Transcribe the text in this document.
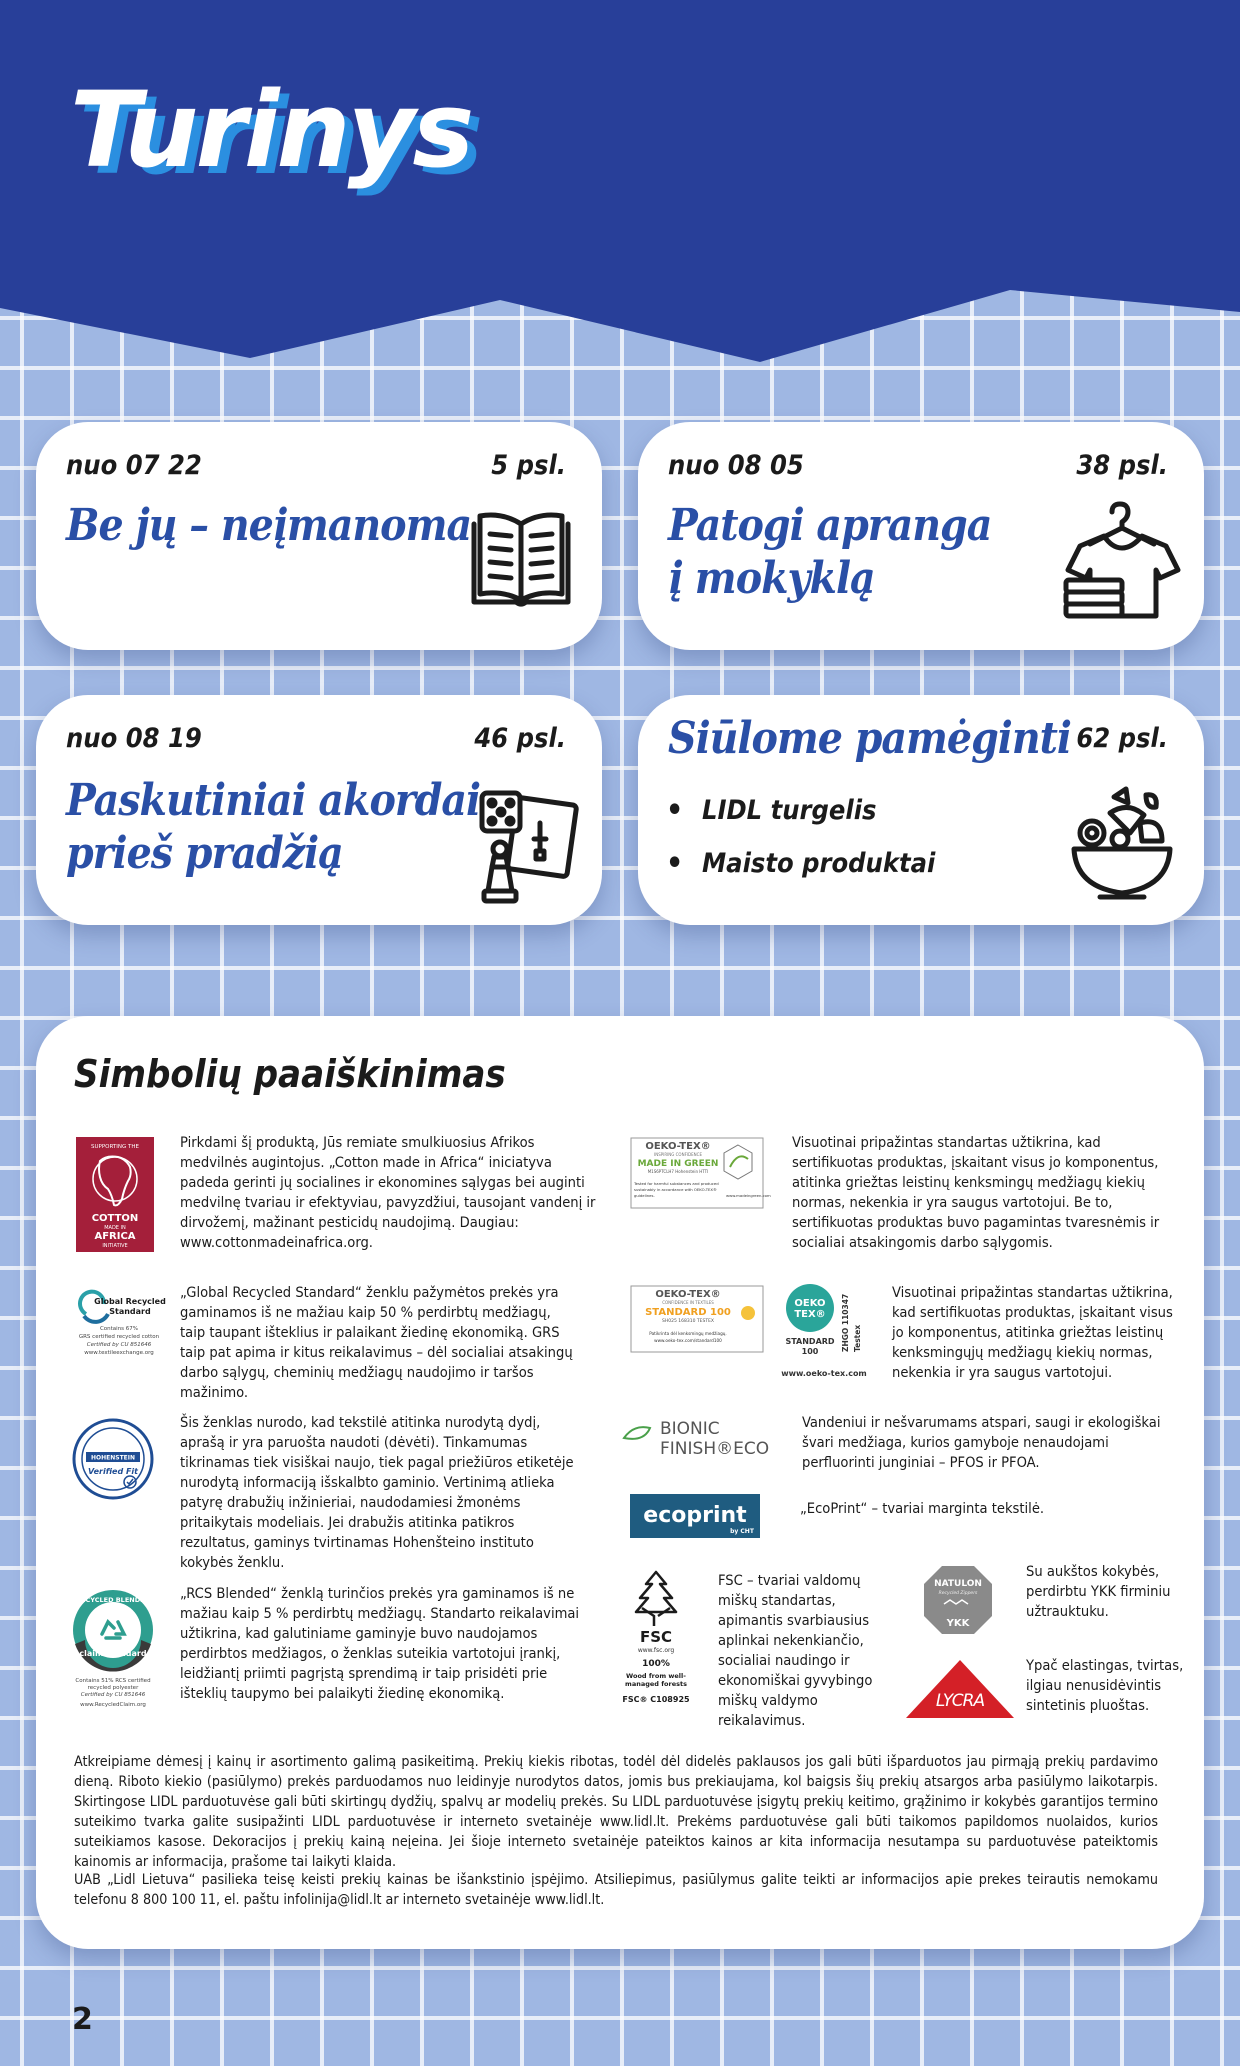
Turinys
nuo 07 22	5 psl.
Be jų – neįmanoma
nuo 08 05	38 psl.
Patogi apranga
į mokyklą
nuo 08 19	46 psl.
Paskutiniai akordai
prieš pradžią
Siūlome pamėginti 62 psl.
• LIDL turgelis
• Maisto produktai
Simbolių paaiškinimas
SUPPORTING THE
COTTON
MADE IN
AFRICA
INITIATIVE

Pirkdami šį produktą, Jūs remiate smulkiuosius Afrikos medvilnės augintojus. „Cotton made in Africa“ iniciatyva padeda gerinti jų socialines ir ekonomines sąlygas bei auginti medvilnę tvariau ir efektyviau, pavyzdžiui, tausojant vandenį ir dirvožemį, mažinant pesticidų naudojimą. Daugiau: www.cottonmadeinafrica.org.

Global Recycled
Standard
Contains 67%
GRS certified recycled cotton
Certified by CU 851646
www.textileexchange.org

„Global Recycled Standard“ ženklu pažymėtos prekės yra gaminamos iš ne mažiau kaip 50 % perdirbtų medžiagų, taip taupant išteklius ir palaikant žiedinę ekonomiką. GRS taip pat apima ir kitus reikalavimus – dėl socialiai atsakingų darbo sąlygų, cheminių medžiagų naudojimo ir taršos mažinimo.

HOHENSTEIN
Verified Fit

Šis ženklas nurodo, kad tekstilė atitinka nurodytą dydį, aprašą ir yra paruošta naudoti (dėvėti). Tinkamumas tikrinamas tiek visiškai naujo, tiek pagal priežiūros etiketėje nurodytą informaciją išskalbto gaminio. Vertinimą atlieka patyrę drabužių inžinieriai, naudodamiesi žmonėms pritaikytais modeliais. Jei drabužis atitinka patikros rezultatus, gaminys tvirtinamas Hohenšteino instituto kokybės ženklu.

RECYCLED BLENDED
claim standard
Contains 51% RCS certified
recycled polyester
Certified by CU 851646
www.RecycledClaim.org

„RCS Blended“ ženklą turinčios prekės yra gaminamos iš ne mažiau kaip 5 % perdirbtų medžiagų. Standarto reikalavimai užtikrina, kad galutiniame gaminyje buvo naudojamos perdirbtos medžiagos, o ženklas suteikia vartotojui įrankį, leidžiantį priimti pagrįstą sprendimą ir taip prisidėti prie išteklių taupymo bei palaikyti žiedinę ekonomiką.

OEKO-TEX®
INSPIRING CONFIDENCE
MADE IN GREEN
M1S6PTCLH7 Hohenstein HTTI
Tested for harmful substances and produced
sustainably in accordance with OEKO-TEX®
guidelines.	www.madeingreen.com

Visuotinai pripažintas standartas užtikrina, kad sertifikuotas produktas, įskaitant visus jo komponentus, atitinka griežtas leistinų kenksmingų medžiagų kiekių normas, nekenkia ir yra saugus vartotojui. Be to, sertifikuotas produktas buvo pagamintas tvaresnėmis ir socialiai atsakingomis darbo sąlygomis.

OEKO-TEX®
CONFIDENCE IN TEXTILES
STANDARD 100
SH025 168310 TESTEX
Patikrinta dėl kenksmingų medžiagų.
www.oeko-tex.com/standard100
OEKO
TEX®
STANDARD
100	ZHGO 110347 Testex
www.oeko-tex.com

Visuotinai pripažintas standartas užtikrina, kad sertifikuotas produktas, įskaitant visus jo komponentus, atitinka griežtas leistinų kenksmingųjų medžiagų kiekių normas, nekenkia ir yra saugus vartotojui.

BIONIC
FINISH®ECO

Vandeniui ir nešvarumams atspari, saugi ir ekologiškai švari medžiaga, kurios gamyboje nenaudojami perfluorinti junginiai – PFOS ir PFOA.

ecoprint
by CHT

„EcoPrint“ – tvariai marginta tekstilė.

FSC
www.fsc.org
100%
Wood from well-
managed forests
FSC® C108925

FSC – tvariai valdomų miškų standartas, apimantis svarbiausius aplinkai nekenkiančio, socialiai naudingo ir ekonomiškai gyvybingo miškų valdymo reikalavimus.

NATULON
Recycled Zippers
YKK

Su aukštos kokybės, perdirbtu YKK firminiu užtrauktuku.

LYCRA

Ypač elastingas, tvirtas, ilgiau nenusidėvintis sintetinis pluoštas.

Atkreipiame dėmesį į kainų ir asortimento galimą pasikeitimą. Prekių kiekis ribotas, todėl dėl didelės paklausos jos gali būti išparduotos jau pirmąją prekių pardavimo dieną. Riboto kiekio (pasiūlymo) prekės parduodamos nuo leidinyje nurodytos datos, jomis bus prekiaujama, kol baigsis šių prekių atsargos arba pasiūlymo laikotarpis. Skirtingose LIDL parduotuvėse gali būti skirtingų dydžių, spalvų ar modelių prekės. Su LIDL parduotuvėse įsigytų prekių keitimo, grąžinimo ir kokybės garantijos termino suteikimo tvarka galite susipažinti LIDL parduotuvėse ir interneto svetainėje www.lidl.lt. Prekėms parduotuvėse gali būti taikomos papildomos nuolaidos, kurios suteikiamos kasose. Dekoracijos į prekių kainą neįeina. Jei šioje interneto svetainėje pateiktos kainos ar kita informacija nesutampa su parduotuvėse pateiktomis kainomis ar informacija, prašome tai laikyti klaida.

UAB „Lidl Lietuva“ pasilieka teisę keisti prekių kainas be išankstinio įspėjimo. Atsiliepimus, pasiūlymus galite teikti ar informacijos apie prekes teirautis nemokamu telefonu 8 800 100 11, el. paštu infolinija@lidl.lt ar interneto svetainėje www.lidl.lt.

2
